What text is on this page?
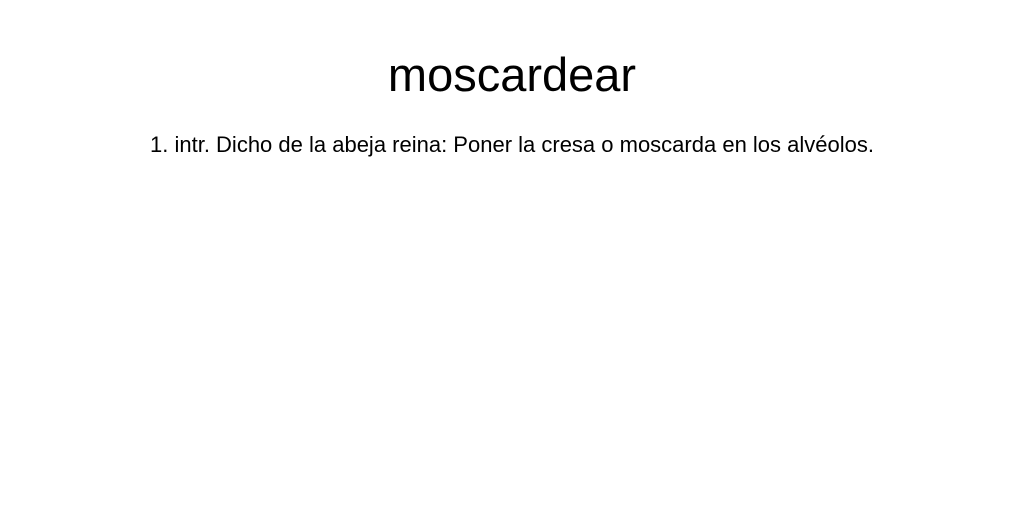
moscardear

1. intr. Dicho de la abeja reina: Poner la cresa o moscarda en los alvéolos.
